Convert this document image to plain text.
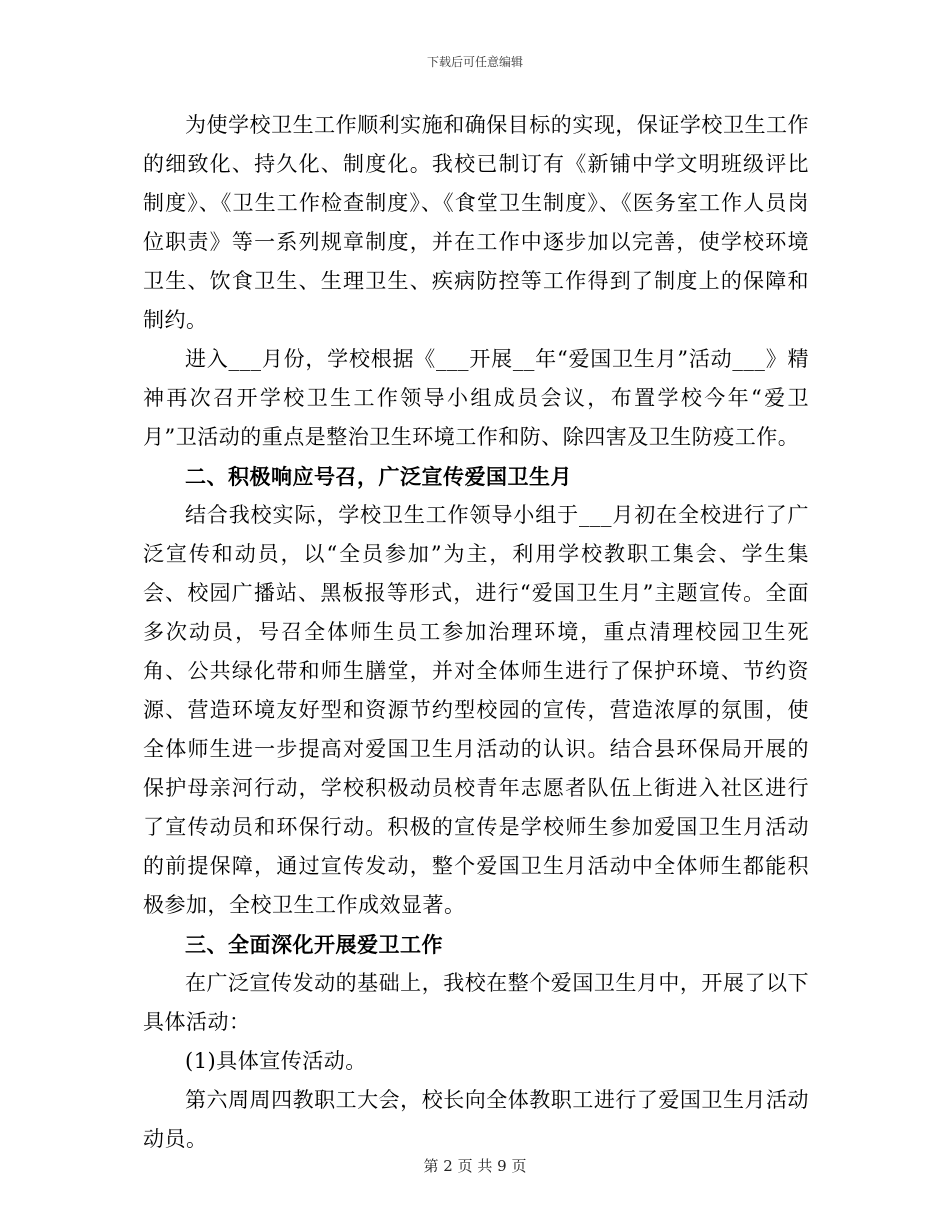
下载后可任意编辑

为使学校卫生工作顺利实施和确保目标的实现，保证学校卫生工作的细致化、持久化、制度化。我校已制订有《新铺中学文明班级评比制度》、《卫生工作检查制度》、《食堂卫生制度》、《医务室工作人员岗位职责》等一系列规章制度，并在工作中逐步加以完善，使学校环境卫生、饮食卫生、生理卫生、疾病防控等工作得到了制度上的保障和制约。

进入___月份，学校根据《___开展__年“爱国卫生月”活动___》精神再次召开学校卫生工作领导小组成员会议，布置学校今年“爱卫月”卫活动的重点是整治卫生环境工作和防、除四害及卫生防疫工作。

二、积极响应号召，广泛宣传爱国卫生月

结合我校实际，学校卫生工作领导小组于___月初在全校进行了广泛宣传和动员，以“全员参加”为主，利用学校教职工集会、学生集会、校园广播站、黑板报等形式，进行“爱国卫生月”主题宣传。全面多次动员，号召全体师生员工参加治理环境，重点清理校园卫生死角、公共绿化带和师生膳堂，并对全体师生进行了保护环境、节约资源、营造环境友好型和资源节约型校园的宣传，营造浓厚的氛围，使全体师生进一步提高对爱国卫生月活动的认识。结合县环保局开展的保护母亲河行动，学校积极动员校青年志愿者队伍上街进入社区进行了宣传动员和环保行动。积极的宣传是学校师生参加爱国卫生月活动的前提保障，通过宣传发动，整个爱国卫生月活动中全体师生都能积极参加，全校卫生工作成效显著。

三、全面深化开展爱卫工作

在广泛宣传发动的基础上，我校在整个爱国卫生月中，开展了以下具体活动：

(1)具体宣传活动。

第六周周四教职工大会，校长向全体教职工进行了爱国卫生月活动动员。

第 2 页 共 9 页
